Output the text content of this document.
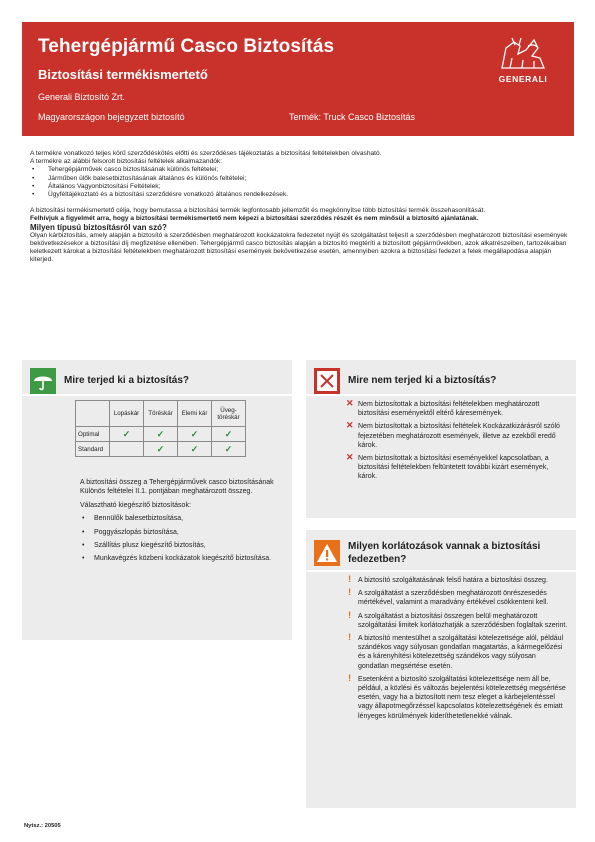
Tehergépjármű Casco Biztosítás
Biztosítási termékismertető
Generali Biztosító Zrt.
Magyarországon bejegyzett biztosító	Termék: Truck Casco Biztosítás
GENERALI

A termékre vonatkozó teljes körű szerződéskötés előtti és szerződéses tájékoztatás a biztosítási feltételekben olvasható.

A termékre az alábbi felsorolt biztosítási feltételek alkalmazandók:

• Tehergépjárművek casco biztosításának különös feltételei;
• Járműben ülők balesetbiztosításának általános és különös feltételei;
• Általános Vagyonbiztosítási Feltételek;
• Ügyféltájékoztató és a biztosítási szerződésre vonatkozó általános rendelkezések.

A biztosítási termékismertető célja, hogy bemutassa a biztosítási termék legfontosabb jellemzőit és megkönnyítse több biztosítási termék összehasonlítását.

Felhívjuk a figyelmét arra, hogy a biztosítási termékismertető nem képezi a biztosítási szerződés részét és nem minősül a biztosító ajánlatának.

Milyen típusú biztosításról van szó?

Olyan kárbiztosítás, amely alapján a biztosító a szerződésben meghatározott kockázatokra fedezetet nyújt és szolgáltatást teljesít a szerződésben meghatározott biztosítási események bekövetkezésekor a biztosítási díj megfizetése ellenében. Tehergépjármű casco biztosítás alapján a biztosító megtéríti a biztosított gépjárművekben, azok alkatrészeiben, tartozékaiban keletkezett károkat a biztosítási feltételekben meghatározott biztosítási események bekövetkezése esetén, amennyiben azokra a biztosítási fedezet a felek megállapodása alapján kiterjed.

Mire terjed ki a biztosítás?
	Lopáskár	Töréskár	Elemi kár	Üveg-töréskár
Optimal	✓	✓	✓	✓
Standard		✓	✓	✓

A biztosítási összeg a Tehergépjárművek casco biztosításának Különös feltételei II.1. pontjában meghatározott összeg.

Választható kiegészítő biztosítások:

• Bennülők balesetbiztosítása,
• Poggyászlopás biztosítása,
• Szállítás plusz kiegészítő biztosítás,
• Munkavégzés közbeni kockázatok kiegészítő biztosítása.
Mire nem terjed ki a biztosítás?
✕ Nem biztosítottak a biztosítási feltételekben meghatározott biztosítási eseményektől eltérő káresemények.
✕ Nem biztosítottak a biztosítási feltételek Kockázatkizárásról szóló fejezetében meghatározott események, illetve az ezekből eredő károk.
✕ Nem biztosítottak a biztosítási eseményekkel kapcsolatban, a biztosítási feltételekben feltüntetett további kizárt események, károk.
Milyen korlátozások vannak a biztosítási fedezetben?
! A biztosító szolgáltatásának felső határa a biztosítási összeg.
! A szolgáltatást a szerződésben meghatározott önrészesedés mértékével, valamint a maradvány értékével csökkenteni kell.
! A szolgáltatást a biztosítási összegen belül meghatározott szolgáltatási limitek korlátozhatják a szerződésben foglaltak szerint.
! A biztosító mentesülhet a szolgáltatási kötelezettsége alól, például szándékos vagy súlyosan gondatlan magatartás, a kármegelőzési és a kárenyhítési kötelezettség szándékos vagy súlyosan gondatlan megsértése esetén.
! Esetenként a biztosító szolgáltatási kötelezettsége nem áll be, például, a közlési és változás bejelentési kötelezettség megsértése esetén, vagy ha a biztosított nem tesz eleget a kárbejelentéssel vagy állapotmegőrzéssel kapcsolatos kötelezettségének és emiatt lényeges körülmények kideríthetetlenekké válnak.
Nytsz.: 20505
